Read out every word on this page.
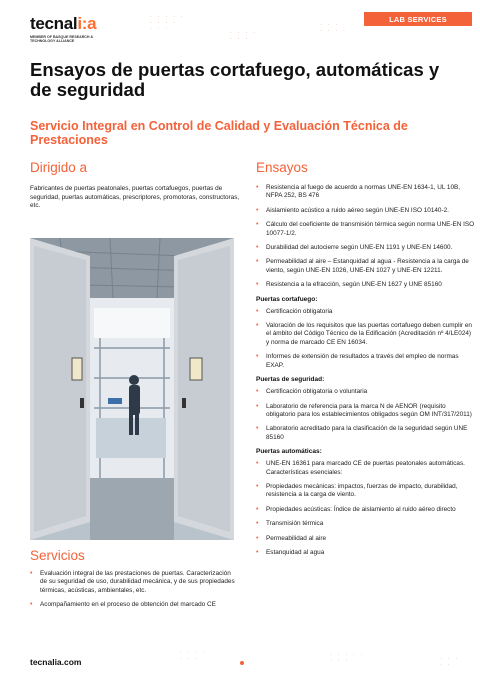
tecnali:a
MEMBER OF BASQUE RESEARCH & TECHNOLOGY ALLIANCE
· · · · ·
· · · ·
· · ·
· · · ·
· · ·
· · ·
· · · ·
LAB SERVICES
Ensayos de puertas cortafuego, automáticas y de seguridad
Servicio Integral en Control de Calidad y Evaluación Técnica de Prestaciones
Dirigido a
Fabricantes de puertas peatonales, puertas cortafuegos, puertas de seguridad, puertas automáticas, prescriptores, promotoras, constructoras, etc.
Servicios
• Evaluación integral de las prestaciones de puertas. Caracterización de su seguridad de uso, durabilidad mecánica, y de sus propiedades térmicas, acústicas, ambientales, etc.
• Acompañamiento en el proceso de obtención del marcado CE
Ensayos
• Resistencia al fuego de acuerdo a normas UNE-EN 1634-1, UL 10B, NFPA 252, BS 476
• Aislamiento acústico a ruido aéreo según UNE-EN ISO 10140-2.
• Cálculo del coeficiente de transmisión térmica según norma UNE-EN ISO 10077-1/2.
• Durabilidad del autocierre según UNE-EN 1191 y UNE-EN 14600.
• Permeabilidad al aire – Estanquidad al agua - Resistencia a la carga de viento, según UNE-EN 1026, UNE-EN 1027 y UNE-EN 12211.
• Resistencia a la efracción, según UNE-EN 1627 y UNE 85160
Puertas cortafuego:
• Certificación obligatoria
• Valoración de los requisitos que las puertas cortafuego deben cumplir en el ámbito del Código Técnico de la Edificación (Acreditación nº 4/LE024) y norma de marcado CE EN 16034.
• Informes de extensión de resultados a través del empleo de normas EXAP.
Puertas de seguridad:
• Certificación obligatoria o voluntaria
• Laboratorio de referencia para la marca N de AENOR (requisito obligatorio para los establecimientos obligados según OM INT/317/2011)
• Laboratorio acreditado para la clasificación de la seguridad según UNE 85160
Puertas automáticas:
• UNE-EN 16361 para marcado CE de puertas peatonales automáticas. Características esenciales:
• Propiedades mecánicas: impactos, fuerzas de impacto, durabilidad, resistencia a la carga de viento.
• Propiedades acústicas: Índice de aislamiento al ruido aéreo directo
• Transmisión térmica
• Permeabilidad al aire
• Estanquidad al agua
tecnalia.com
· · · ·
· · ·
· · · · ·
· · ·	· · ·
· ·
